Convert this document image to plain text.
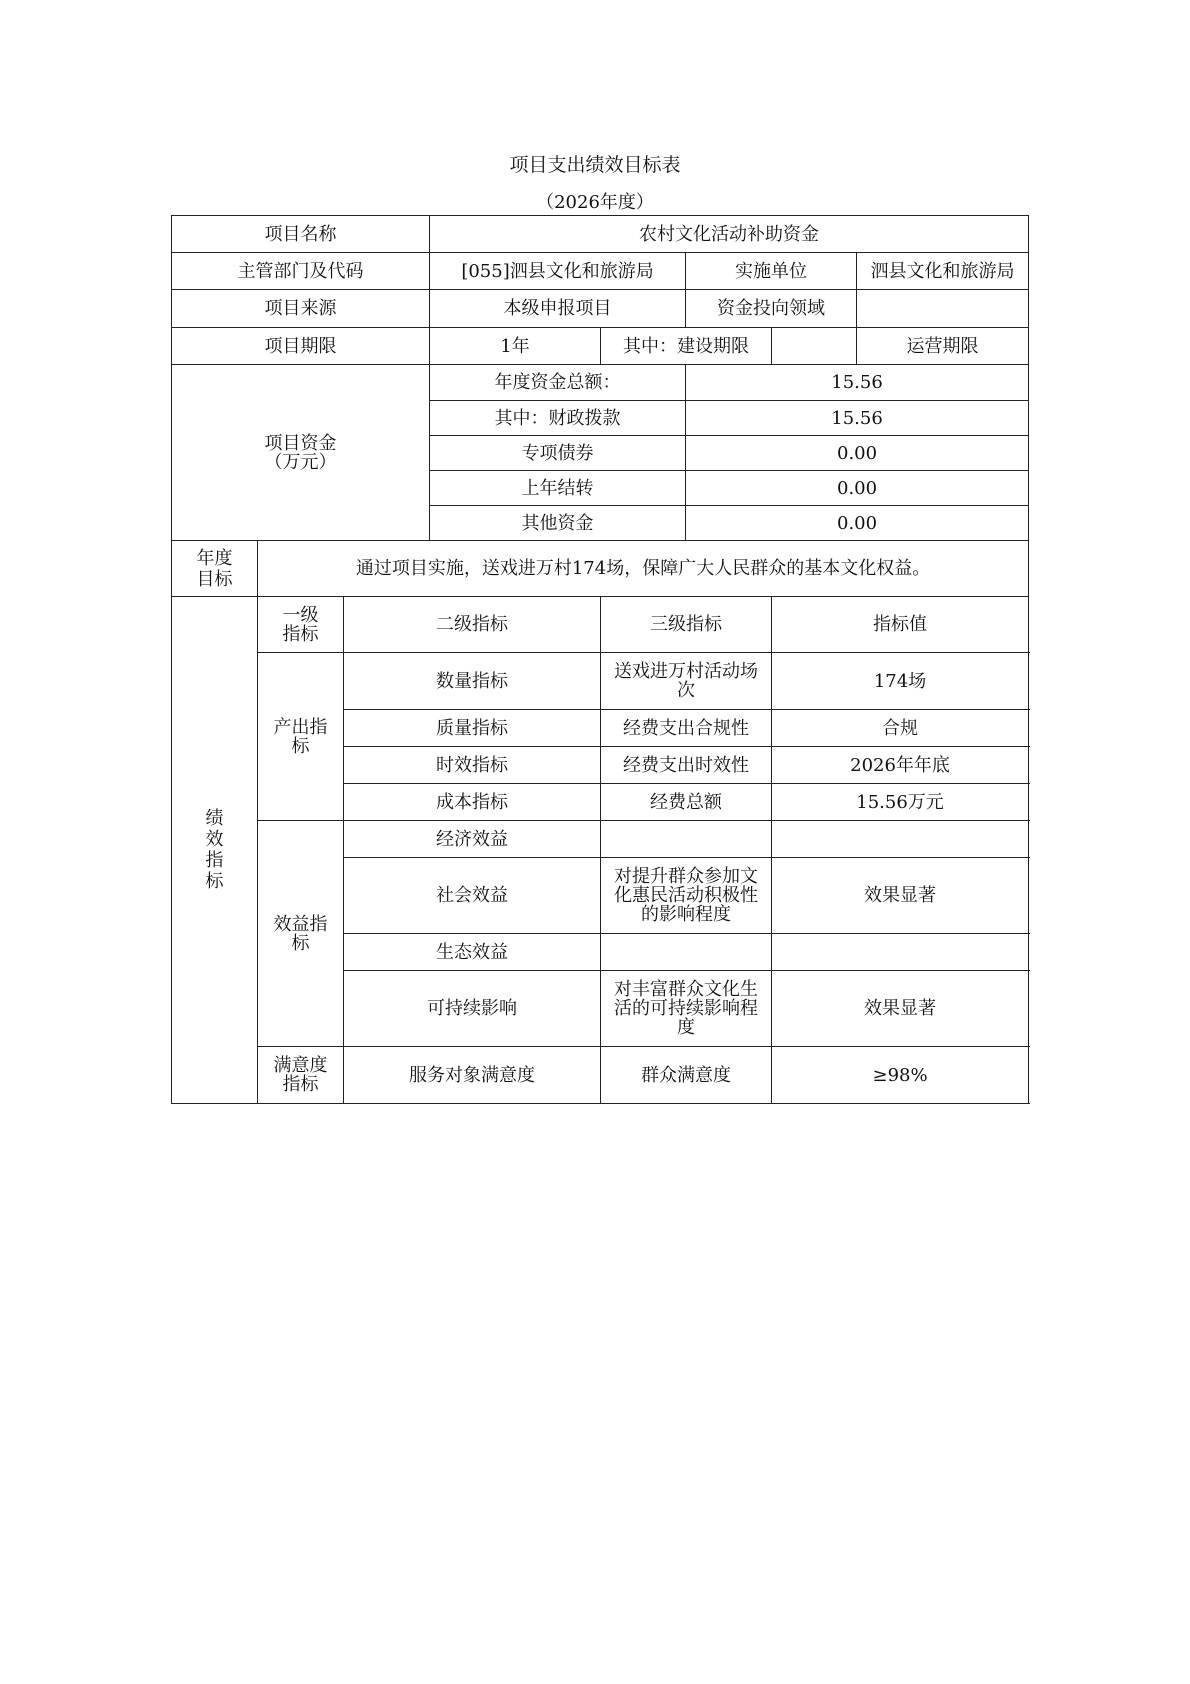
项目支出绩效目标表
（2026年度）
项目名称			农村文化活动补助资金				
主管部门及代码			[055]泗县文化和旅游局		实施单位		泗县文化和旅游局
项目来源			本级申报项目		资金投向领域		
项目期限			1年	其中：建设期限			运营期限

项目资金
（万元）			年度资金总额：		15.56		
			其中：财政拨款		15.56		
			专项债券		0.00		
			上年结转		0.00		
			其他资金		0.00		
年度目标	通过项目实施，送戏进万村174场，保障广大人民群众的基本文化权益。						
绩效指标	一级指标	二级指标		三级指标		指标值	
	产出指标	数量指标		送戏进万村活动场次		174场	
		质量指标		经费支出合规性		合规	
		时效指标		经费支出时效性		2026年年底	
		成本指标		经费总额		15.56万元	
	效益指标	经济效益					
		社会效益		对提升群众参加文化惠民活动积极性的影响程度		效果显著	
		生态效益					
		可持续影响		对丰富群众文化生活的可持续影响程度		效果显著	
	满意度指标	服务对象满意度		群众满意度		≥98%	
